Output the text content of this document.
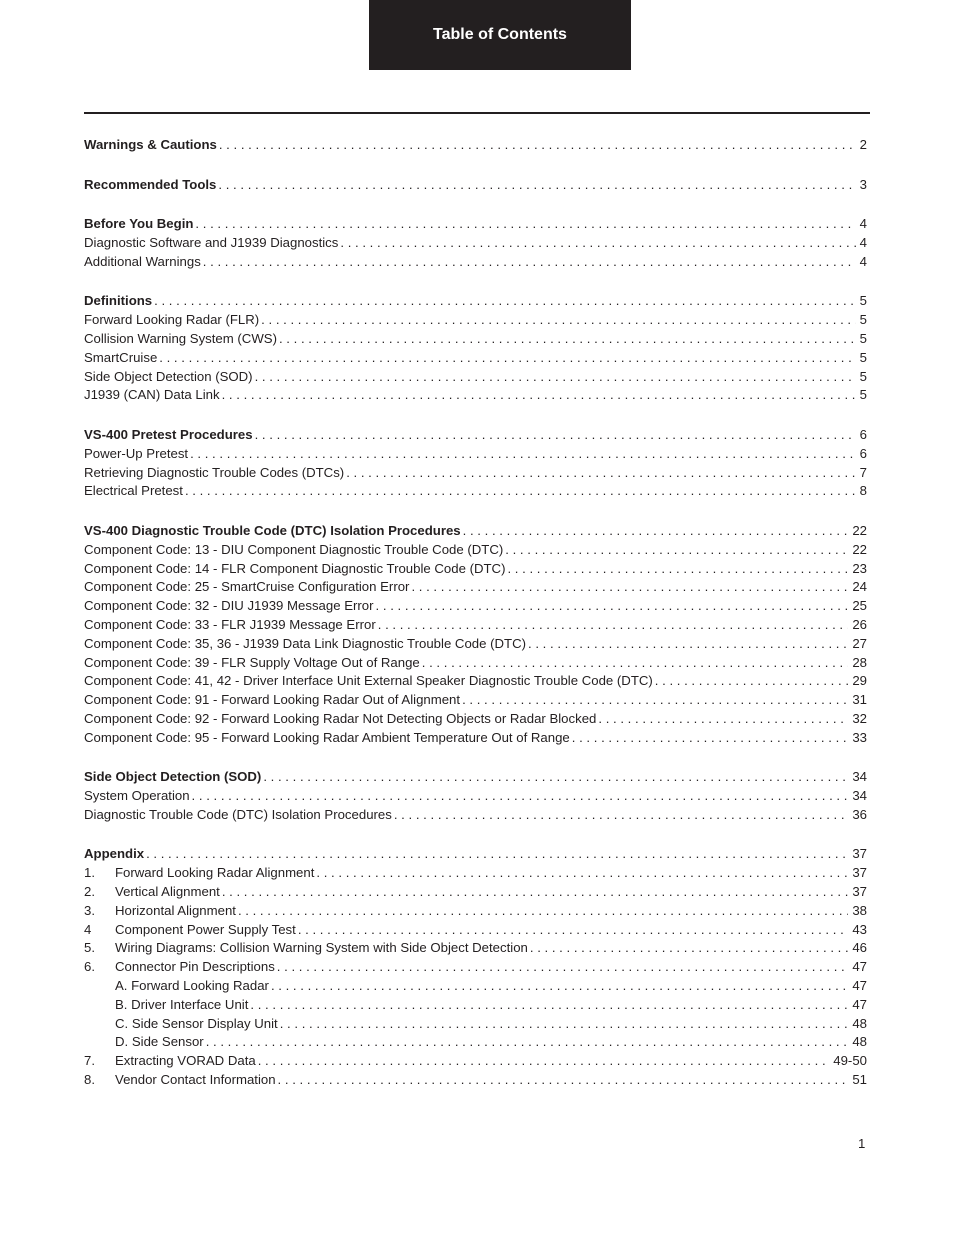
Table of Contents
Warnings & Cautions . . .	2
Recommended Tools . . .	3
Before You Begin . . .	4
Diagnostic Software and J1939 Diagnostics . . .	4
Additional Warnings . . .	4
Definitions . . .	5
Forward Looking Radar (FLR) . . .	5
Collision Warning System (CWS) . . .	5
SmartCruise . . .	5
Side Object Detection (SOD) . . .	5
J1939 (CAN) Data Link . . .	5
VS-400 Pretest Procedures . . .	6
Power-Up Pretest . . .	6
Retrieving Diagnostic Trouble Codes (DTCs) . . .	7
Electrical Pretest . . .	8
VS-400 Diagnostic Trouble Code (DTC) Isolation Procedures . . .	22
Component Code: 13 - DIU Component Diagnostic Trouble Code (DTC) . . .	22
Component Code: 14 - FLR Component Diagnostic Trouble Code (DTC) . . .	23
Component Code: 25 - SmartCruise Configuration Error . . .	24
Component Code: 32 - DIU J1939 Message Error . . .	25
Component Code: 33 - FLR J1939 Message Error . . .	26
Component Code: 35, 36 - J1939 Data Link Diagnostic Trouble Code (DTC) . . .	27
Component Code: 39 - FLR Supply Voltage Out of Range . . .	28
Component Code: 41, 42 - Driver Interface Unit External Speaker Diagnostic Trouble Code (DTC) . . .	29
Component Code: 91 - Forward Looking Radar Out of Alignment . . .	31
Component Code: 92 - Forward Looking Radar Not Detecting Objects or Radar Blocked . . .	32
Component Code: 95 - Forward Looking Radar Ambient Temperature Out of Range . . .	33
Side Object Detection (SOD) . . .	34
System Operation . . .	34
Diagnostic Trouble Code (DTC) Isolation Procedures . . .	36
Appendix . . .	37
1.	Forward Looking Radar Alignment . . .	37
2.	Vertical Alignment . . .	37
3.	Horizontal Alignment . . .	38
4	Component Power Supply Test . . .	43
5.	Wiring Diagrams: Collision Warning System with Side Object Detection . . .	46
6.	Connector Pin Descriptions . . .	47
A. Forward Looking Radar . . .	47
B. Driver Interface Unit . . .	47
C. Side Sensor Display Unit . . .	48
D. Side Sensor . . .	48
7.	Extracting VORAD Data . . .	49-50
8.	Vendor Contact Information . . .	51
1
